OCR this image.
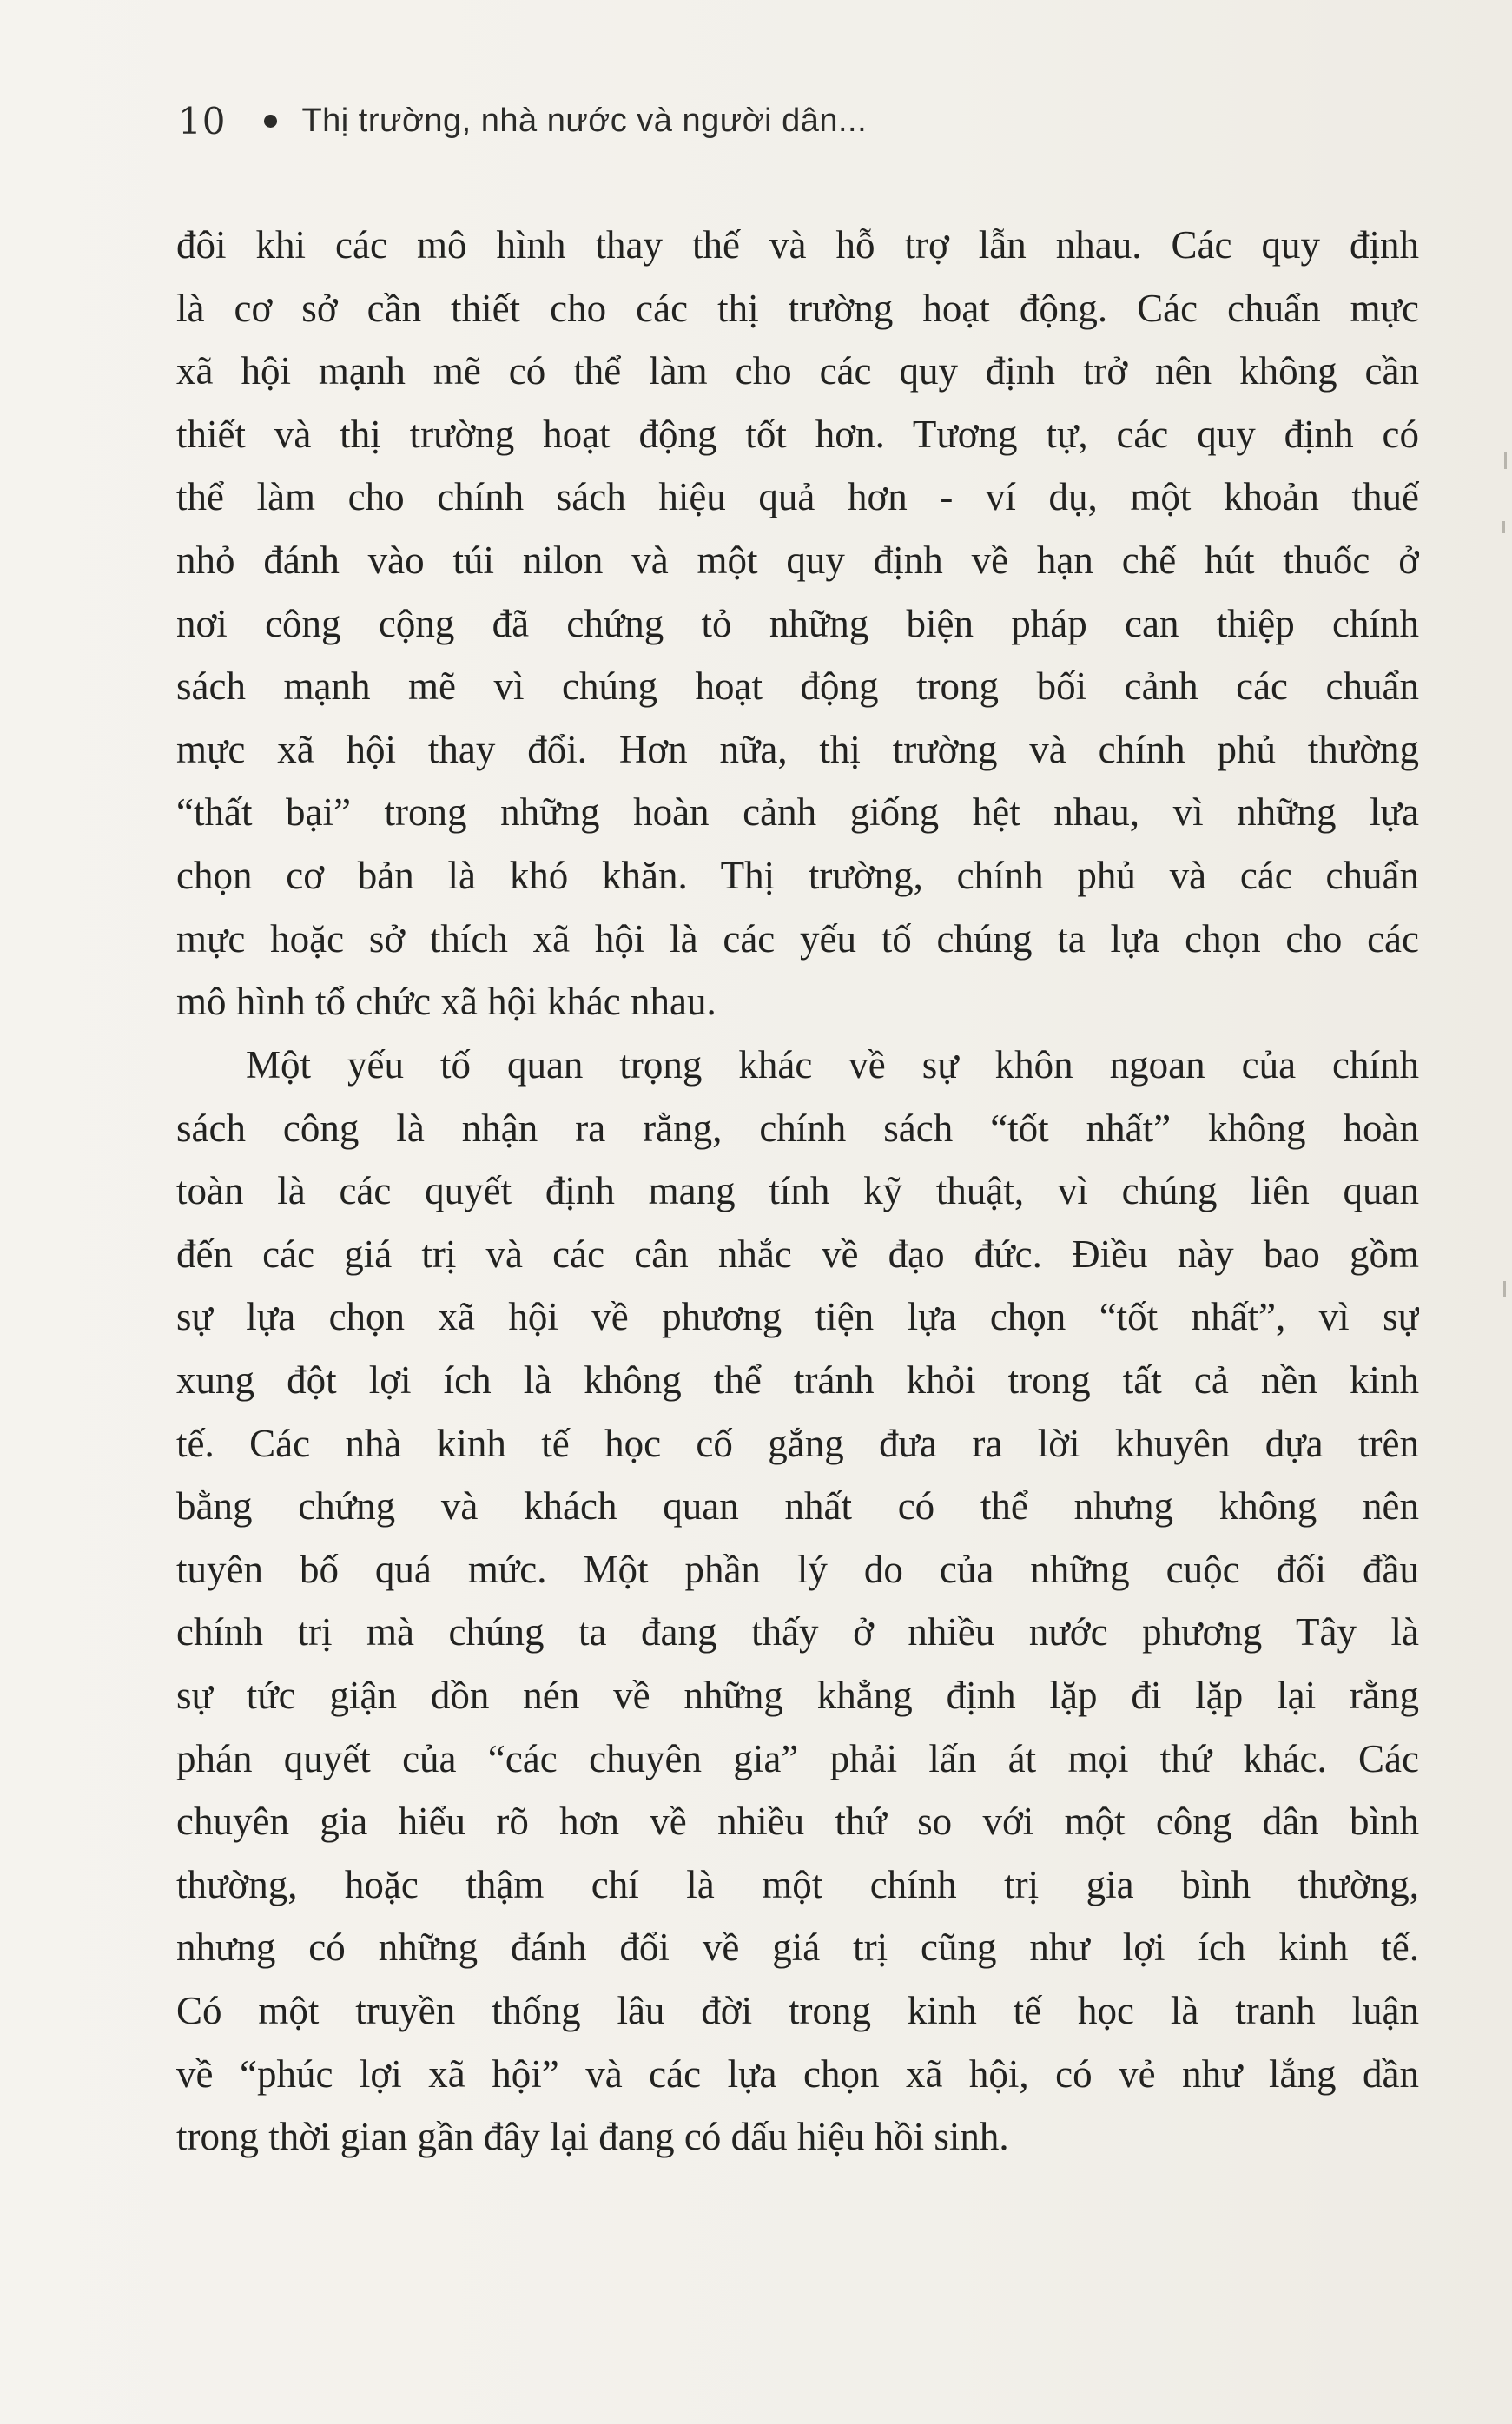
10 Thị trường, nhà nước và người dân...
đôi khi các mô hình thay thế và hỗ trợ lẫn nhau. Các quy định
là cơ sở cần thiết cho các thị trường hoạt động. Các chuẩn mực
xã hội mạnh mẽ có thể làm cho các quy định trở nên không cần
thiết và thị trường hoạt động tốt hơn. Tương tự, các quy định có
thể làm cho chính sách hiệu quả hơn - ví dụ, một khoản thuế
nhỏ đánh vào túi nilon và một quy định về hạn chế hút thuốc ở
nơi công cộng đã chứng tỏ những biện pháp can thiệp chính
sách mạnh mẽ vì chúng hoạt động trong bối cảnh các chuẩn
mực xã hội thay đổi. Hơn nữa, thị trường và chính phủ thường
“thất bại” trong những hoàn cảnh giống hệt nhau, vì những lựa
chọn cơ bản là khó khăn. Thị trường, chính phủ và các chuẩn
mực hoặc sở thích xã hội là các yếu tố chúng ta lựa chọn cho các
mô hình tổ chức xã hội khác nhau.
Một yếu tố quan trọng khác về sự khôn ngoan của chính
sách công là nhận ra rằng, chính sách “tốt nhất” không hoàn
toàn là các quyết định mang tính kỹ thuật, vì chúng liên quan
đến các giá trị và các cân nhắc về đạo đức. Điều này bao gồm
sự lựa chọn xã hội về phương tiện lựa chọn “tốt nhất”, vì sự
xung đột lợi ích là không thể tránh khỏi trong tất cả nền kinh
tế. Các nhà kinh tế học cố gắng đưa ra lời khuyên dựa trên
bằng chứng và khách quan nhất có thể nhưng không nên
tuyên bố quá mức. Một phần lý do của những cuộc đối đầu
chính trị mà chúng ta đang thấy ở nhiều nước phương Tây là
sự tức giận dồn nén về những khẳng định lặp đi lặp lại rằng
phán quyết của “các chuyên gia” phải lấn át mọi thứ khác. Các
chuyên gia hiểu rõ hơn về nhiều thứ so với một công dân bình
thường, hoặc thậm chí là một chính trị gia bình thường,
nhưng có những đánh đổi về giá trị cũng như lợi ích kinh tế.
Có một truyền thống lâu đời trong kinh tế học là tranh luận
về “phúc lợi xã hội” và các lựa chọn xã hội, có vẻ như lắng dần
trong thời gian gần đây lại đang có dấu hiệu hồi sinh.
